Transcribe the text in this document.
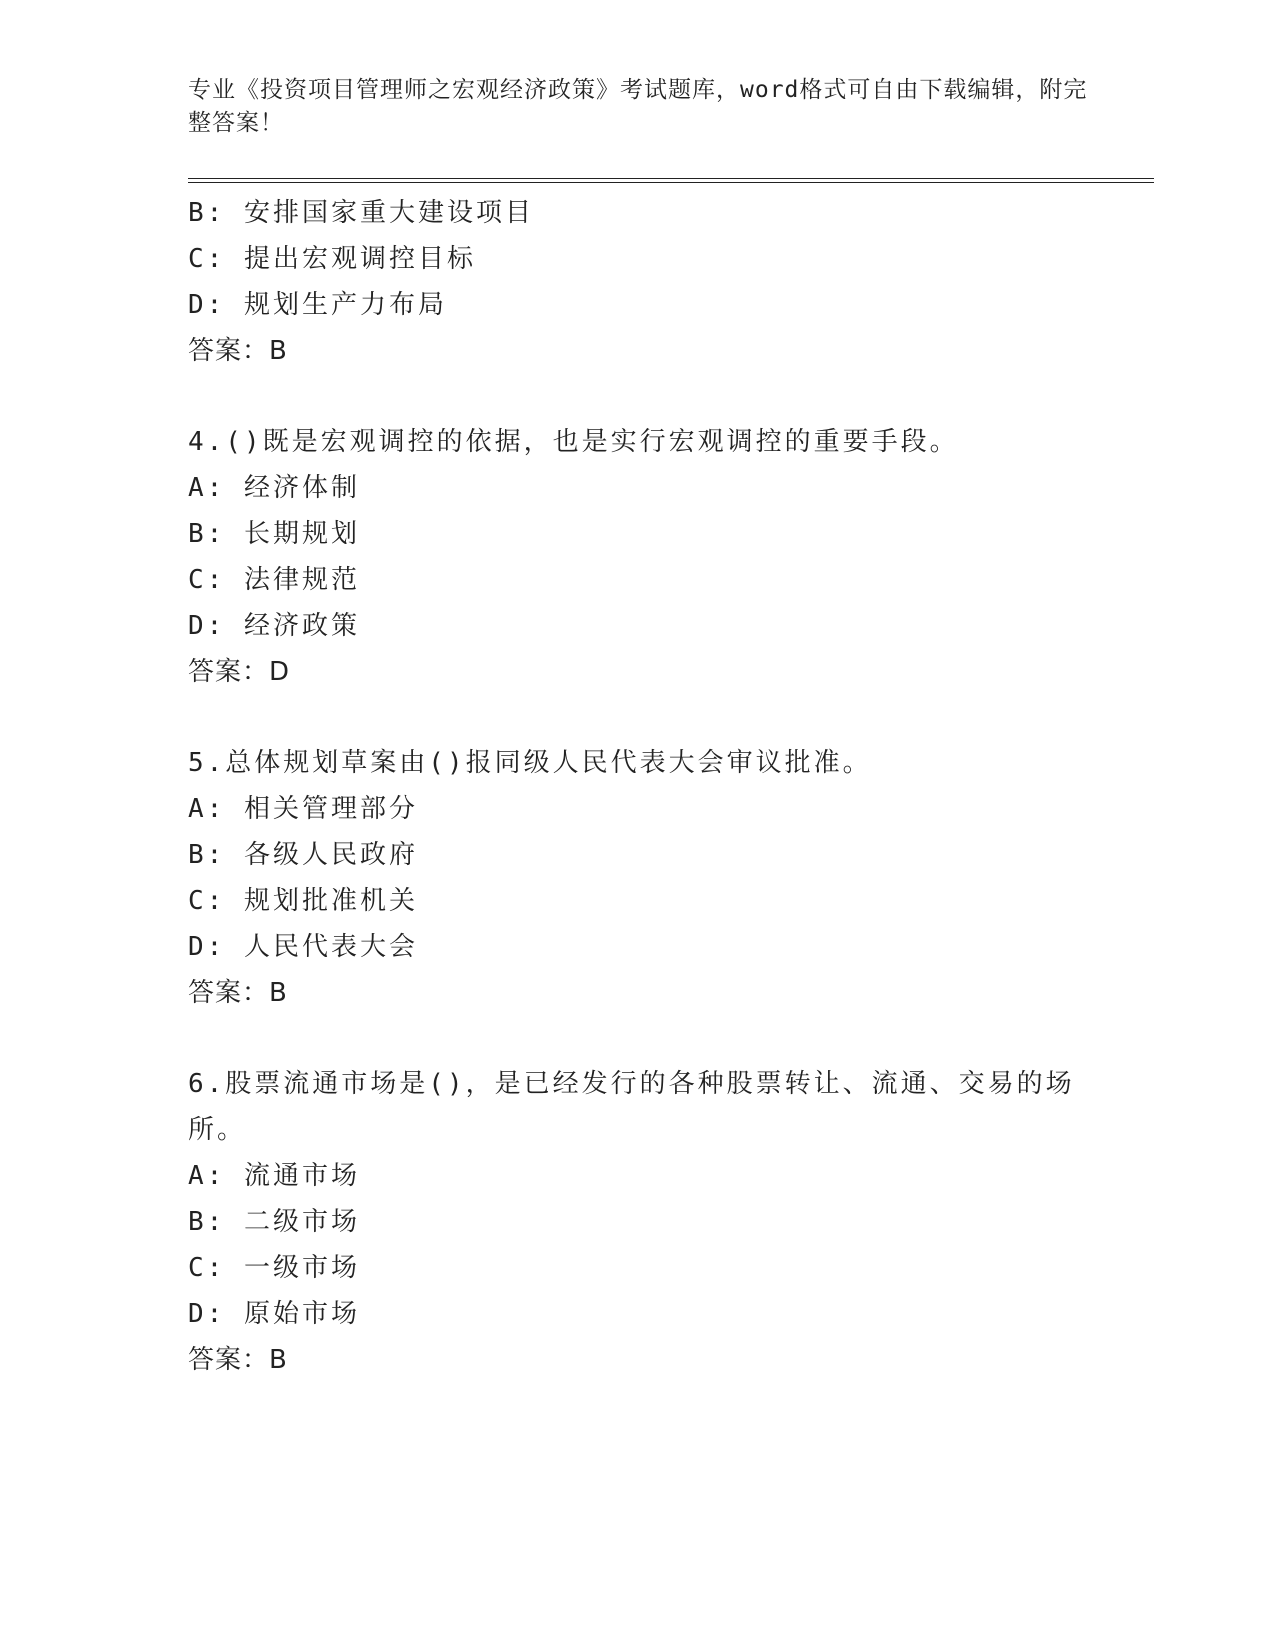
专业《投资项目管理师之宏观经济政策》考试题库，word格式可自由下载编辑，附完整答案！
B: 安排国家重大建设项目
C: 提出宏观调控目标
D: 规划生产力布局
答案：B
4.()既是宏观调控的依据，也是实行宏观调控的重要手段。
A: 经济体制
B: 长期规划
C: 法律规范
D: 经济政策
答案：D
5.总体规划草案由()报同级人民代表大会审议批准。
A: 相关管理部分
B: 各级人民政府
C: 规划批准机关
D: 人民代表大会
答案：B
6.股票流通市场是()，是已经发行的各种股票转让、流通、交易的场
所。
A: 流通市场
B: 二级市场
C: 一级市场
D: 原始市场
答案：B
